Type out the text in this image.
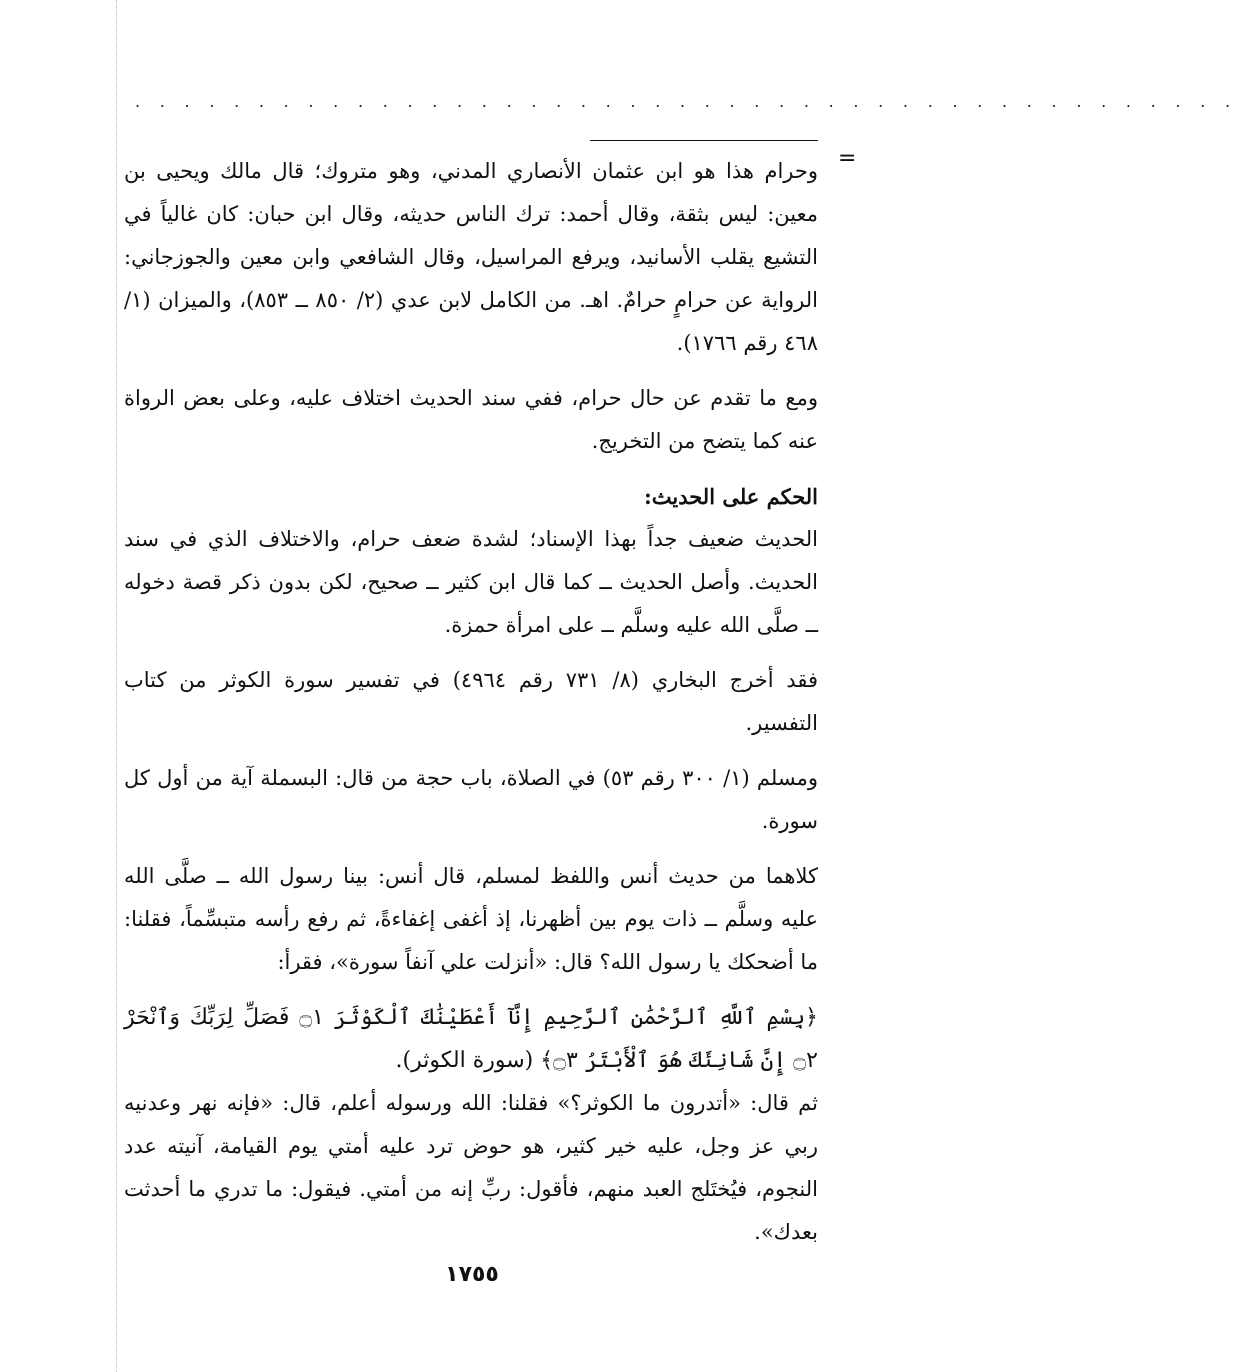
. . . . . . . . . . . . . . . . . . . . . . . . . . . . . . . . . . . . . . . . . . . . .
=

وحرام هذا هو ابن عثمان الأنصاري المدني، وهو متروك؛ قال مالك ويحيى بن معين: ليس بثقة، وقال أحمد: ترك الناس حديثه، وقال ابن حبان: كان غالياً في التشيع يقلب الأسانيد، ويرفع المراسيل، وقال الشافعي وابن معين والجوزجاني: الرواية عن حرامٍ حرامٌ. اهـ. من الكامل لابن عدي (٢/ ٨٥٠ ــ ٨٥٣)، والميزان (١/ ٤٦٨ رقم ١٧٦٦).

ومع ما تقدم عن حال حرام، ففي سند الحديث اختلاف عليه، وعلى بعض الرواة عنه كما يتضح من التخريج.

الحكم على الحديث:

الحديث ضعيف جداً بهذا الإسناد؛ لشدة ضعف حرام، والاختلاف الذي في سند الحديث. وأصل الحديث ــ كما قال ابن كثير ــ صحيح، لكن بدون ذكر قصة دخوله ــ صلَّى الله عليه وسلَّم ــ على امرأة حمزة.

فقد أخرج البخاري (٨/ ٧٣١ رقم ٤٩٦٤) في تفسير سورة الكوثر من كتاب التفسير.

ومسلم (١/ ٣٠٠ رقم ٥٣) في الصلاة، باب حجة من قال: البسملة آية من أول كل سورة.

كلاهما من حديث أنس واللفظ لمسلم، قال أنس: بينا رسول الله ــ صلَّى الله عليه وسلَّم ــ ذات يوم بين أظهرنا، إذ أغفى إغفاءةً، ثم رفع رأسه متبسِّماً، فقلنا: ما أضحكك يا رسول الله؟ قال: «أنزلت علي آنفاً سورة»، فقرأ:

﴿بِسْمِ ٱللَّهِ ٱلرَّحْمَٰنِ ٱلرَّحِيمِ إِنَّآ أَعْطَيْنَٰكَ ٱلْكَوْثَرَ ۝١ فَصَلِّ لِرَبِّكَ وَٱنْحَرْ ۝٢ إِنَّ شَانِئَكَ هُوَ ٱلْأَبْتَرُ ۝٣﴾ (سورة الكوثر).

ثم قال: «أتدرون ما الكوثر؟» فقلنا: الله ورسوله أعلم، قال: «فإنه نهر وعدنيه ربي عز وجل، عليه خير كثير، هو حوض ترد عليه أمتي يوم القيامة، آنيته عدد النجوم، فيُختَلج العبد منهم، فأقول: ربِّ إنه من أمتي. فيقول: ما تدري ما أحدثت بعدك».

١٧٥٥
